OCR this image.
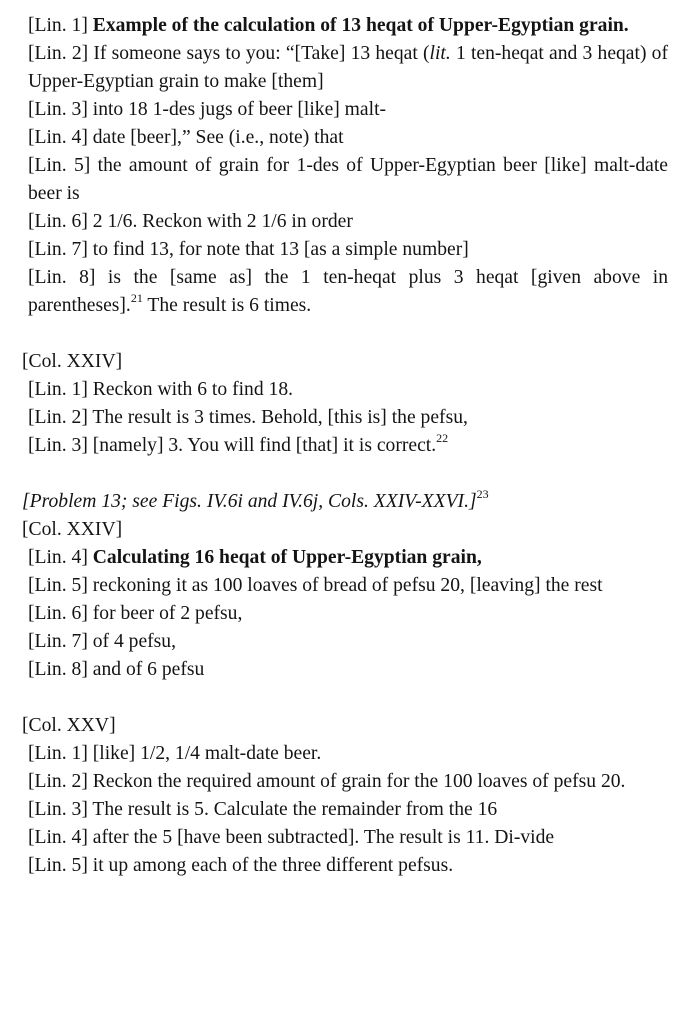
[Lin. 1] Example of the calculation of 13 heqat of Upper-Egyptian grain.

[Lin. 2] If someone says to you: “[Take] 13 heqat (lit. 1 ten-heqat and 3 heqat) of Upper-Egyptian grain to make [them]

[Lin. 3] into 18 1-des jugs of beer [like] malt-

[Lin. 4] date [beer],” See (i.e., note) that

[Lin. 5] the amount of grain for 1-des of Upper-Egyptian beer [like] malt-date beer is

[Lin. 6] 2 1/6. Reckon with 2 1/6 in order

[Lin. 7] to find 13, for note that 13 [as a simple number]

[Lin. 8] is the [same as] the 1 ten-heqat plus 3 heqat [given above in parentheses].$^{21}$ The result is 6 times.

[Col. XXIV]

[Lin. 1] Reckon with 6 to find 18.

[Lin. 2] The result is 3 times. Behold, [this is] the pefsu,

[Lin. 3] [namely] 3. You will find [that] it is correct.$^{22}$

[Problem 13; see Figs. IV.6i and IV.6j, Cols. XXIV-XXVI.]$^{23}$

[Col. XXIV]

[Lin. 4] Calculating 16 heqat of Upper-Egyptian grain,

[Lin. 5] reckoning it as 100 loaves of bread of pefsu 20, [leaving] the rest

[Lin. 6] for beer of 2 pefsu,

[Lin. 7] of 4 pefsu,

[Lin. 8] and of 6 pefsu

[Col. XXV]

[Lin. 1] [like] 1/2, 1/4 malt-date beer.

[Lin. 2] Reckon the required amount of grain for the 100 loaves of pefsu 20.

[Lin. 3] The result is 5. Calculate the remainder from the 16

[Lin. 4] after the 5 [have been subtracted]. The result is 11. Di-vide

[Lin. 5] it up among each of the three different pefsus.
